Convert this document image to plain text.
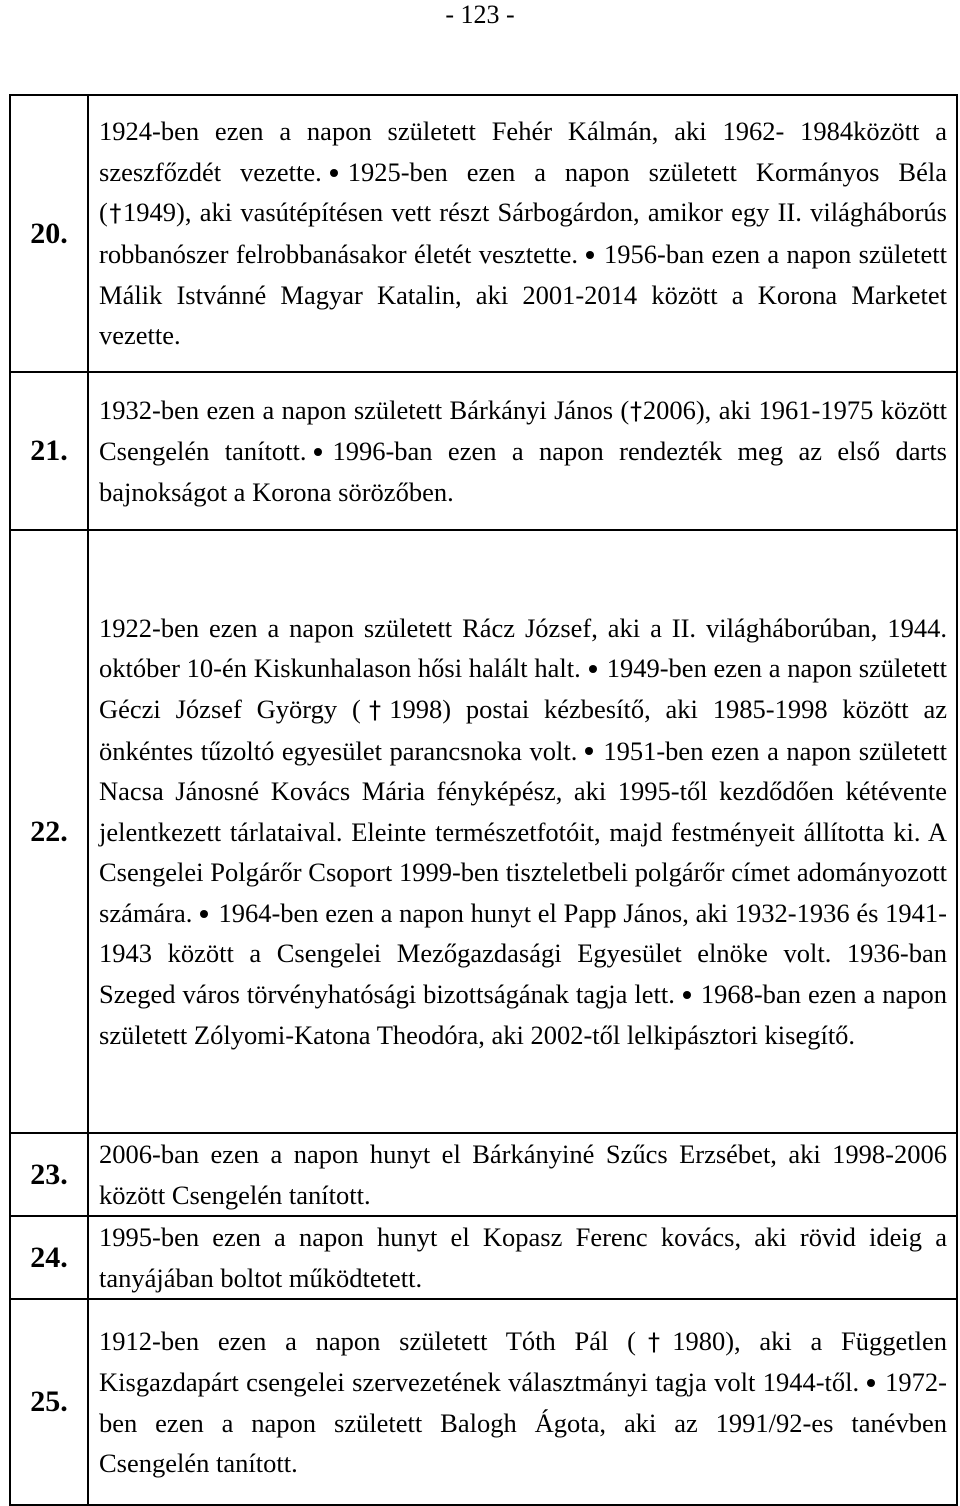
- 123 -
20.	1924-ben ezen a napon született Fehér Kálmán, aki 1962- 1984között a szeszfőzdét vezette. 1925-ben ezen a napon született Kormányos Béla (†1949), aki vasútépítésen vett részt Sárbogárdon, amikor egy II. világháborús robbanószer felrobbanásakor életét vesztette. 1956-ban ezen a napon született Málik Istvánné Magyar Katalin, aki 2001-2014 között a Korona Marketet vezette.
21.	1932-ben ezen a napon született Bárkányi János (†2006), aki 1961-1975 között Csengelén tanított. 1996-ban ezen a napon rendezték meg az első darts bajnokságot a Korona sörözőben.
22.	1922-ben ezen a napon született Rácz József, aki a II. világháborúban, 1944. október 10-én Kiskunhalason hősi halált halt. 1949-ben ezen a napon született Géczi József György (†1998) postai kézbesítő, aki 1985-1998 között az önkéntes tűzoltó egyesület parancsnoka volt. 1951-ben ezen a napon született Nacsa Jánosné Kovács Mária fényképész, aki 1995-től kezdődően kétévente jelentkezett tárlataival. Eleinte természetfotóit, majd festményeit állította ki. A Csengelei Polgárőr Csoport 1999-ben tiszteletbeli polgárőr címet adományozott számára. 1964-ben ezen a napon hunyt el Papp János, aki 1932-1936 és 1941-1943 között a Csengelei Mezőgazdasági Egyesület elnöke volt. 1936-ban Szeged város törvényhatósági bizottságának tagja lett. 1968-ban ezen a napon született Zólyomi-Katona Theodóra, aki 2002-től lelkipásztori kisegítő.
23.	2006-ban ezen a napon hunyt el Bárkányiné Szűcs Erzsébet, aki 1998-2006 között Csengelén tanított.
24.	1995-ben ezen a napon hunyt el Kopasz Ferenc kovács, aki rövid ideig a tanyájában boltot működtetett.
25.	1912-ben ezen a napon született Tóth Pál (†1980), aki a Független Kisgazdapárt csengelei szervezetének választmányi tagja volt 1944-től. 1972-ben ezen a napon született Balogh Ágota, aki az 1991/92-es tanévben Csengelén tanított.
